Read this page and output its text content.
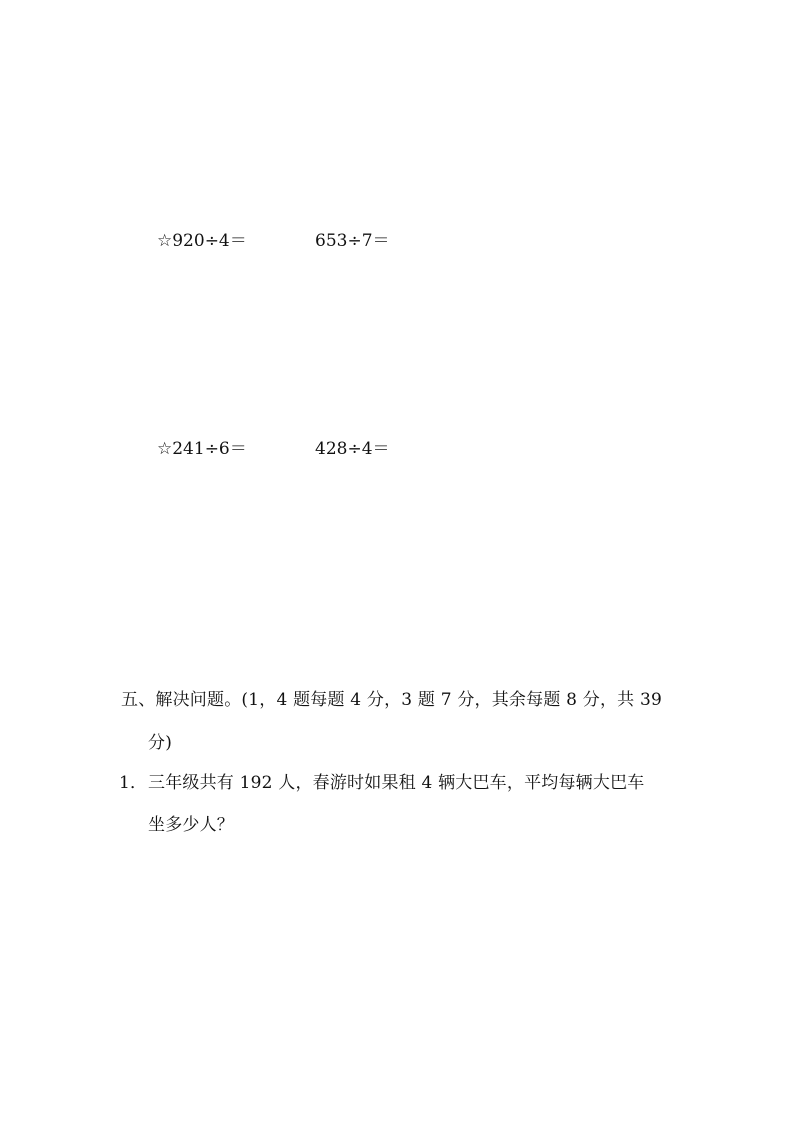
☆920÷4＝	653÷7＝
☆241÷6＝	428÷4＝
五、解决问题。(1，4 题每题 4 分，3 题 7 分，其余每题 8 分，共 39
分)
1． 三年级共有 192 人，春游时如果租 4 辆大巴车，平均每辆大巴车
坐多少人？
